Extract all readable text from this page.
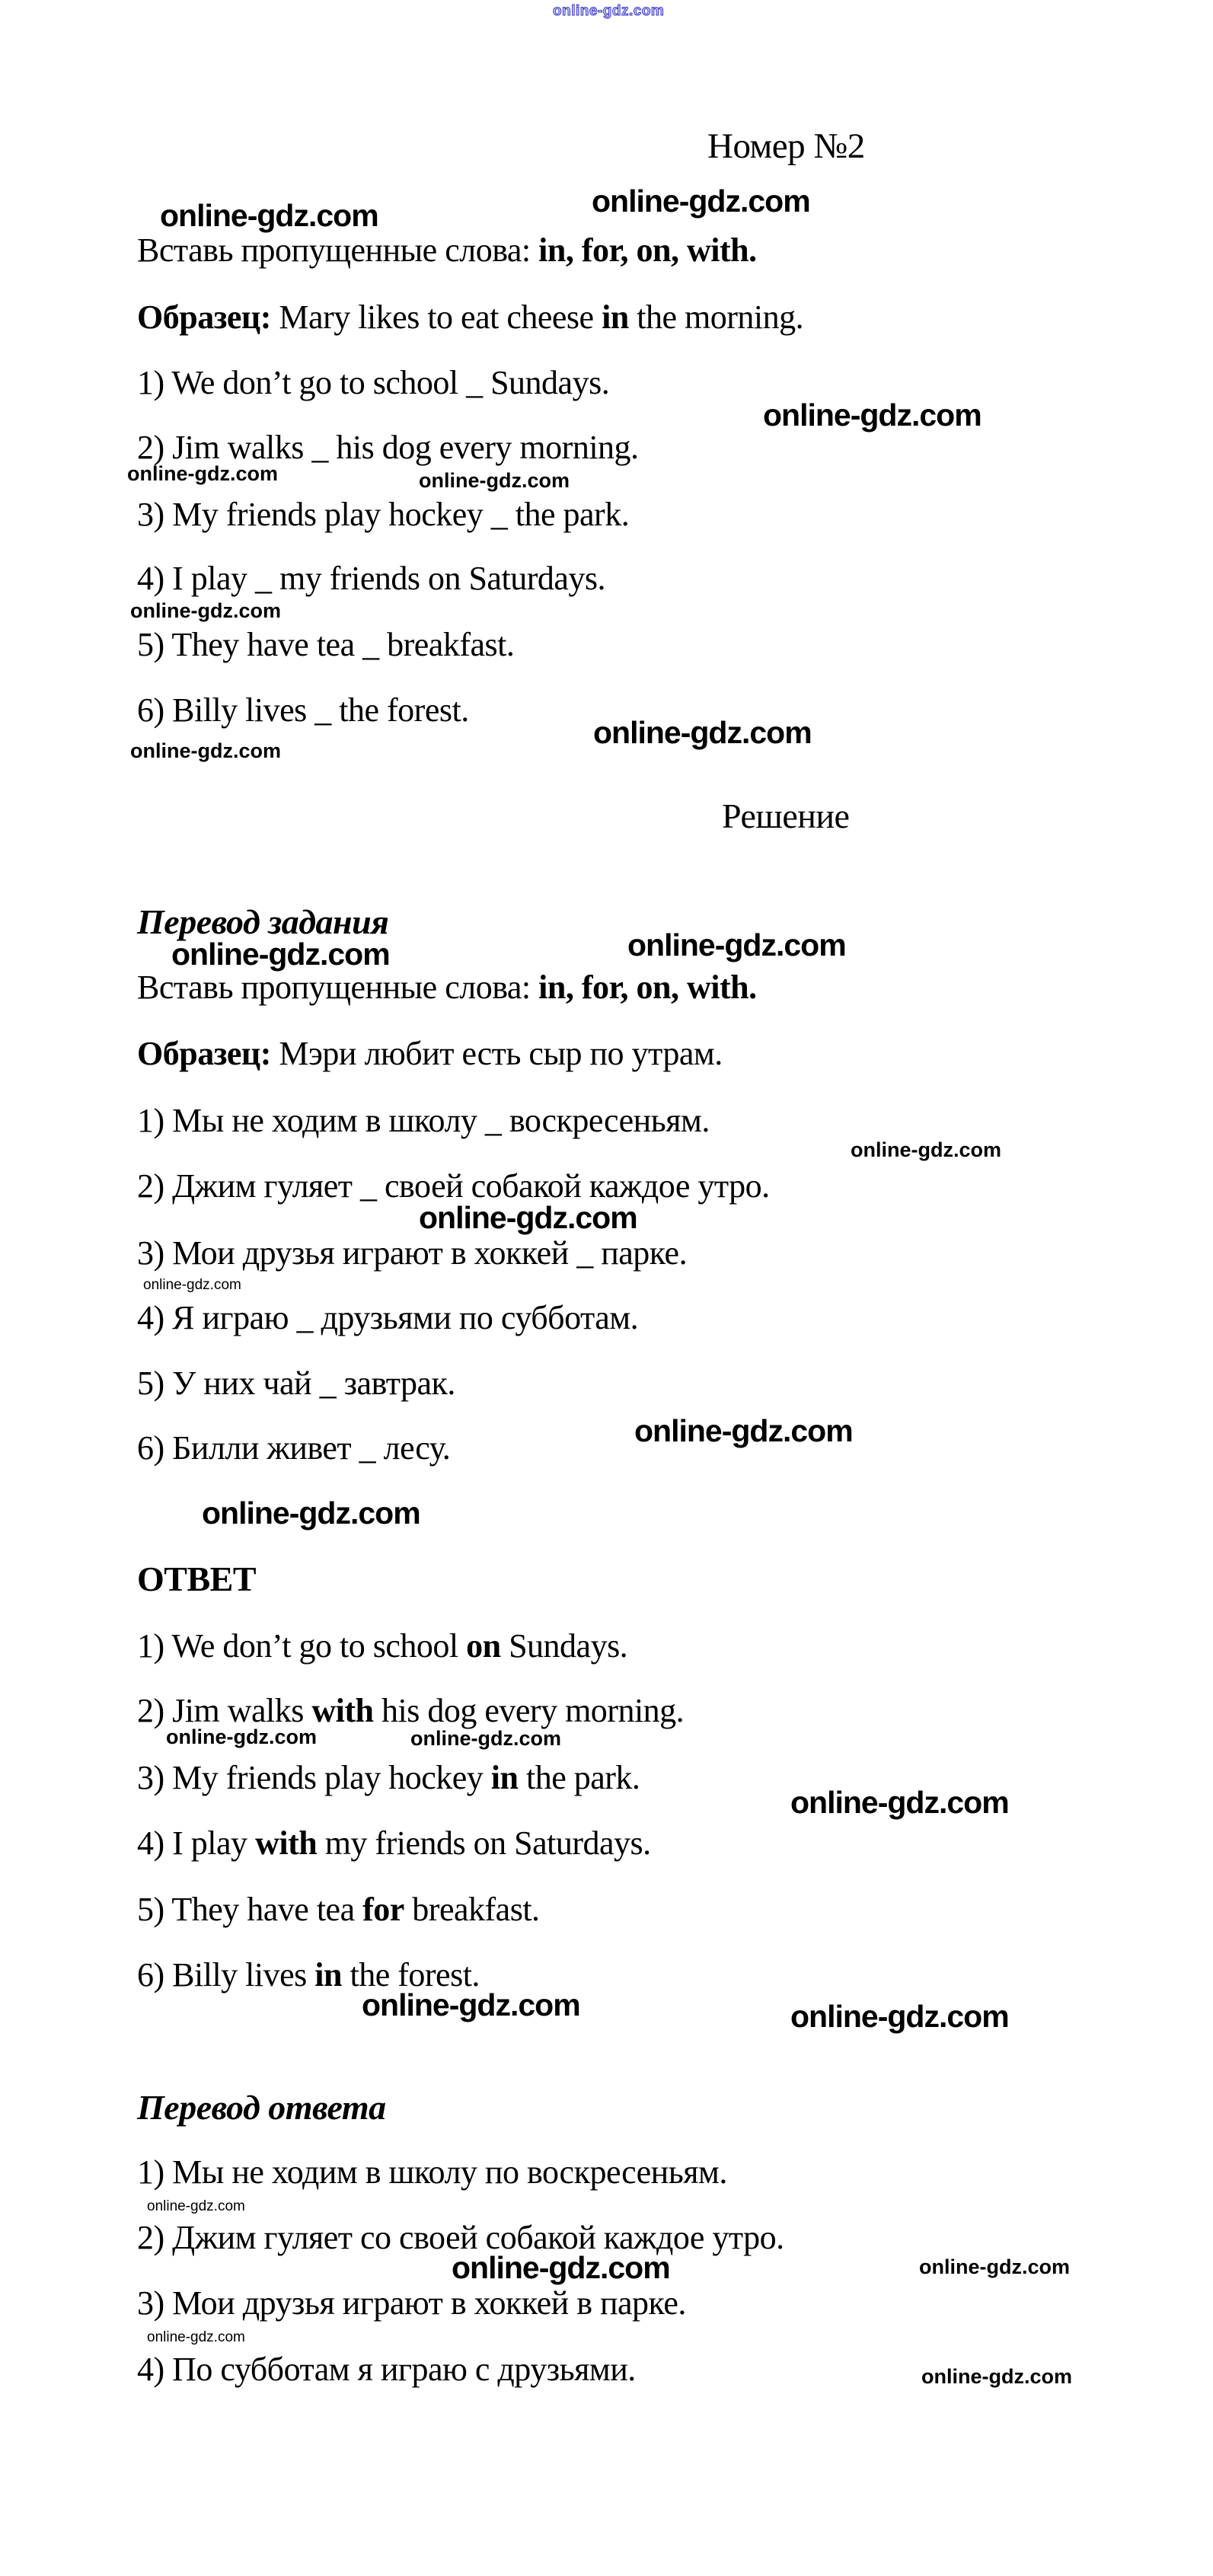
online-gdz.com
Номер №2
online-gdz.com
online-gdz.com
Вставь пропущенные слова: in, for, on, with.
Образец: Mary likes to eat cheese in the morning.
1) We don’t go to school _ Sundays.
online-gdz.com
2) Jim walks _ his dog every morning.
online-gdz.com	online-gdz.com
3) My friends play hockey _ the park.
4) I play _ my friends on Saturdays.
online-gdz.com
5) They have tea _ breakfast.
6) Billy lives _ the forest.
online-gdz.com
online-gdz.com
Решение
Перевод задания
online-gdz.com
online-gdz.com
Вставь пропущенные слова: in, for, on, with.
Образец: Мэри любит есть сыр по утрам.
1) Мы не ходим в школу _ воскресеньям.
online-gdz.com
2) Джим гуляет _ своей собакой каждое утро.
online-gdz.com
3) Мои друзья играют в хоккей _ парке.
online-gdz.com
4) Я играю _ друзьями по субботам.
5) У них чай _ завтрак.
online-gdz.com
6) Билли живет _ лесу.
online-gdz.com
ОТВЕТ
1) We don’t go to school on Sundays.
2) Jim walks with his dog every morning.
online-gdz.com	online-gdz.com
3) My friends play hockey in the park.
online-gdz.com
4) I play with my friends on Saturdays.
5) They have tea for breakfast.
6) Billy lives in the forest.
online-gdz.com	online-gdz.com
Перевод ответа
1) Мы не ходим в школу по воскресеньям.
online-gdz.com
2) Джим гуляет со своей собакой каждое утро.
online-gdz.com	online-gdz.com
3) Мои друзья играют в хоккей в парке.
online-gdz.com
4) По субботам я играю с друзьями.	online-gdz.com
